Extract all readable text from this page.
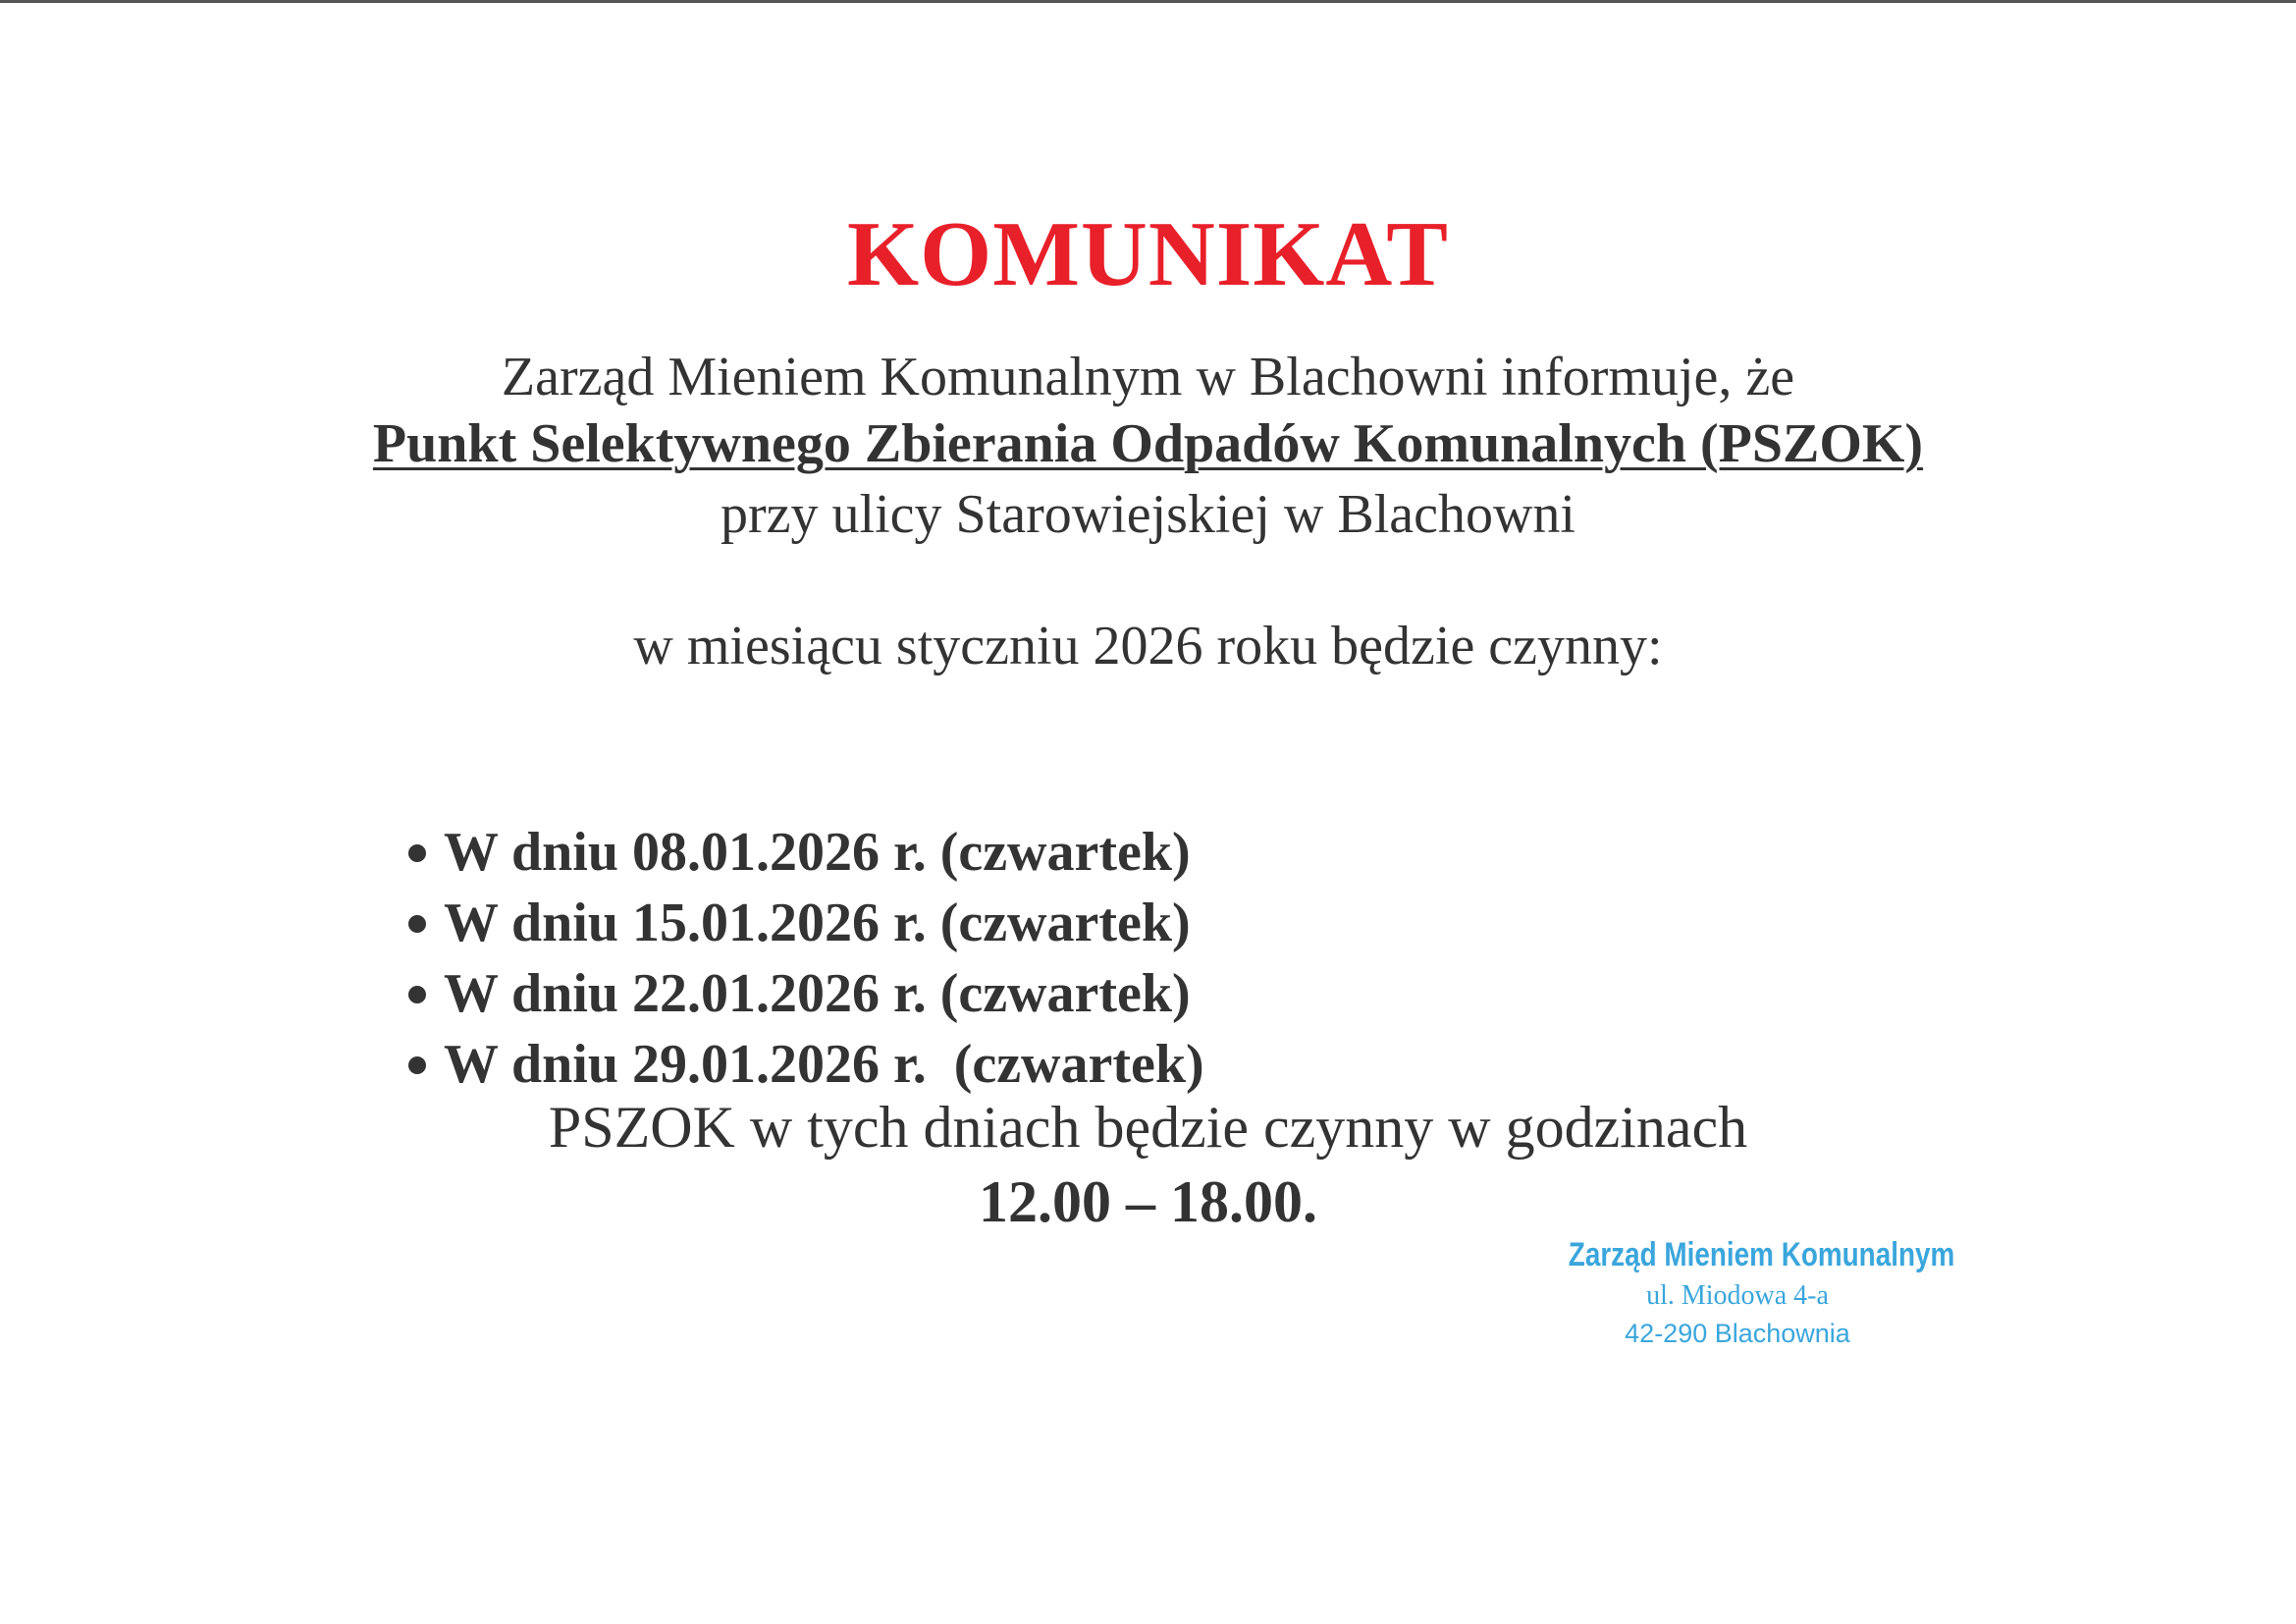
KOMUNIKAT
Zarząd Mieniem Komunalnym w Blachowni informuje, że
Punkt Selektywnego Zbierania Odpadów Komunalnych (PSZOK)
przy ulicy Starowiejskiej w Blachowni
w miesiącu styczniu 2026 roku będzie czynny:

W dniu 08.01.2026 r. (czwartek)

W dniu 15.01.2026 r. (czwartek)

W dniu 22.01.2026 r. (czwartek)

W dniu 29.01.2026 r.  (czwartek)

PSZOK w tych dniach będzie czynny w godzinach
12.00 – 18.00.
Zarząd Mieniem Komunalnym
ul. Miodowa 4-a
42-290 Blachownia
